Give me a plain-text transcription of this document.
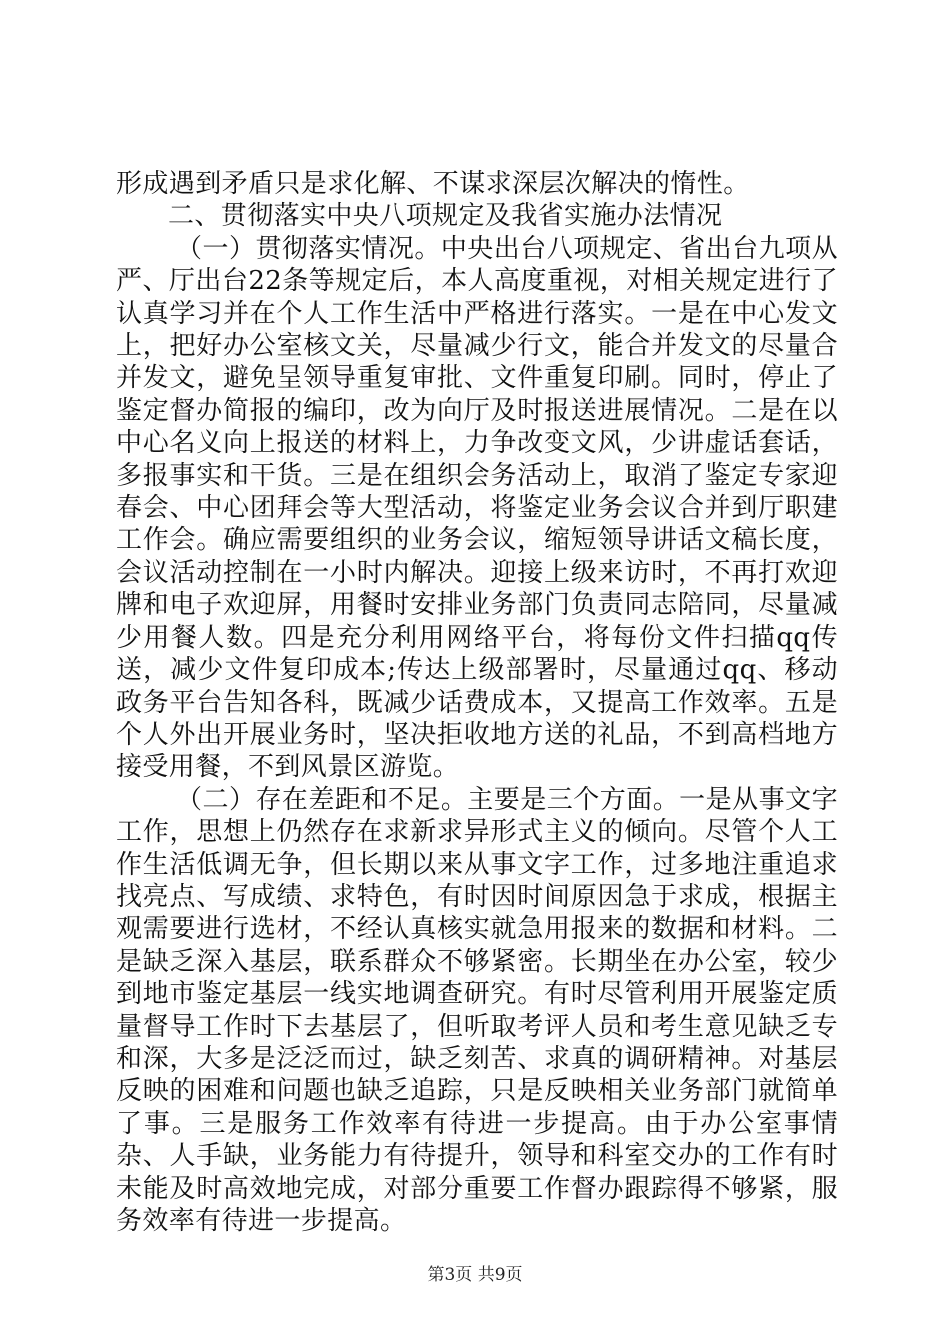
形成遇到矛盾只是求化解、不谋求深层次解决的惰性。

二、贯彻落实中央八项规定及我省实施办法情况

（一）贯彻落实情况。中央出台八项规定、省出台九项从严、厅出台22条等规定后，本人高度重视，对相关规定进行了认真学习并在个人工作生活中严格进行落实。一是在中心发文上，把好办公室核文关，尽量减少行文，能合并发文的尽量合并发文，避免呈领导重复审批、文件重复印刷。同时，停止了鉴定督办简报的编印，改为向厅及时报送进展情况。二是在以中心名义向上报送的材料上，力争改变文风，少讲虚话套话，多报事实和干货。三是在组织会务活动上，取消了鉴定专家迎春会、中心团拜会等大型活动，将鉴定业务会议合并到厅职建工作会。确应需要组织的业务会议，缩短领导讲话文稿长度，会议活动控制在一小时内解决。迎接上级来访时，不再打欢迎牌和电子欢迎屏，用餐时安排业务部门负责同志陪同，尽量减少用餐人数。四是充分利用网络平台，将每份文件扫描qq传送，减少文件复印成本;传达上级部署时，尽量通过qq、移动政务平台告知各科，既减少话费成本，又提高工作效率。五是个人外出开展业务时，坚决拒收地方送的礼品，不到高档地方接受用餐，不到风景区游览。

（二）存在差距和不足。主要是三个方面。一是从事文字工作，思想上仍然存在求新求异形式主义的倾向。尽管个人工作生活低调无争，但长期以来从事文字工作，过多地注重追求找亮点、写成绩、求特色，有时因时间原因急于求成，根据主观需要进行选材，不经认真核实就急用报来的数据和材料。二是缺乏深入基层，联系群众不够紧密。长期坐在办公室，较少到地市鉴定基层一线实地调查研究。有时尽管利用开展鉴定质量督导工作时下去基层了，但听取考评人员和考生意见缺乏专和深，大多是泛泛而过，缺乏刻苦、求真的调研精神。对基层反映的困难和问题也缺乏追踪，只是反映相关业务部门就简单了事。三是服务工作效率有待进一步提高。由于办公室事情杂、人手缺，业务能力有待提升，领导和科室交办的工作有时未能及时高效地完成，对部分重要工作督办跟踪得不够紧，服务效率有待进一步提高。

第3页 共9页
